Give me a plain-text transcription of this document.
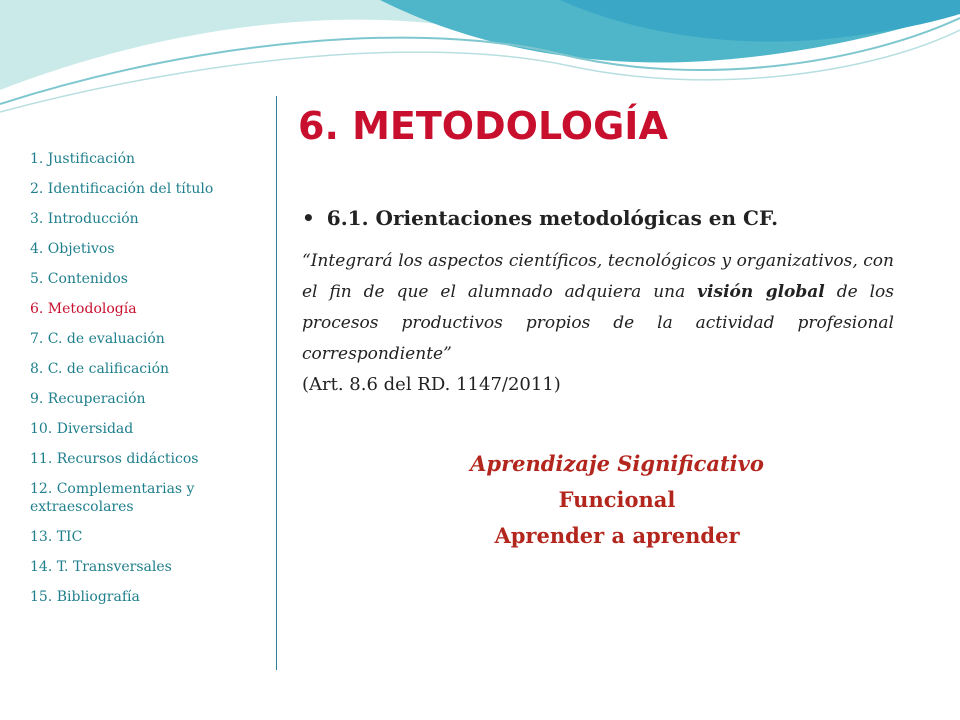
1. Justificación
2. Identificación del título
3. Introducción
4. Objetivos
5. Contenidos
6. Metodología
7. C. de evaluación
8. C. de calificación
9. Recuperación
10. Diversidad
11. Recursos didácticos
12. Complementarias y extraescolares
13. TIC
14. T. Transversales
15. Bibliografía
6. METODOLOGÍA
• 6.1. Orientaciones metodológicas en CF.

“Integrará los aspectos científicos, tecnológicos y organizativos, con el fin de que el alumnado adquiera una visión global de los procesos productivos propios de la actividad profesional correspondiente”

(Art. 8.6 del RD. 1147/2011)
Aprendizaje Significativo
Funcional
Aprender a aprender
